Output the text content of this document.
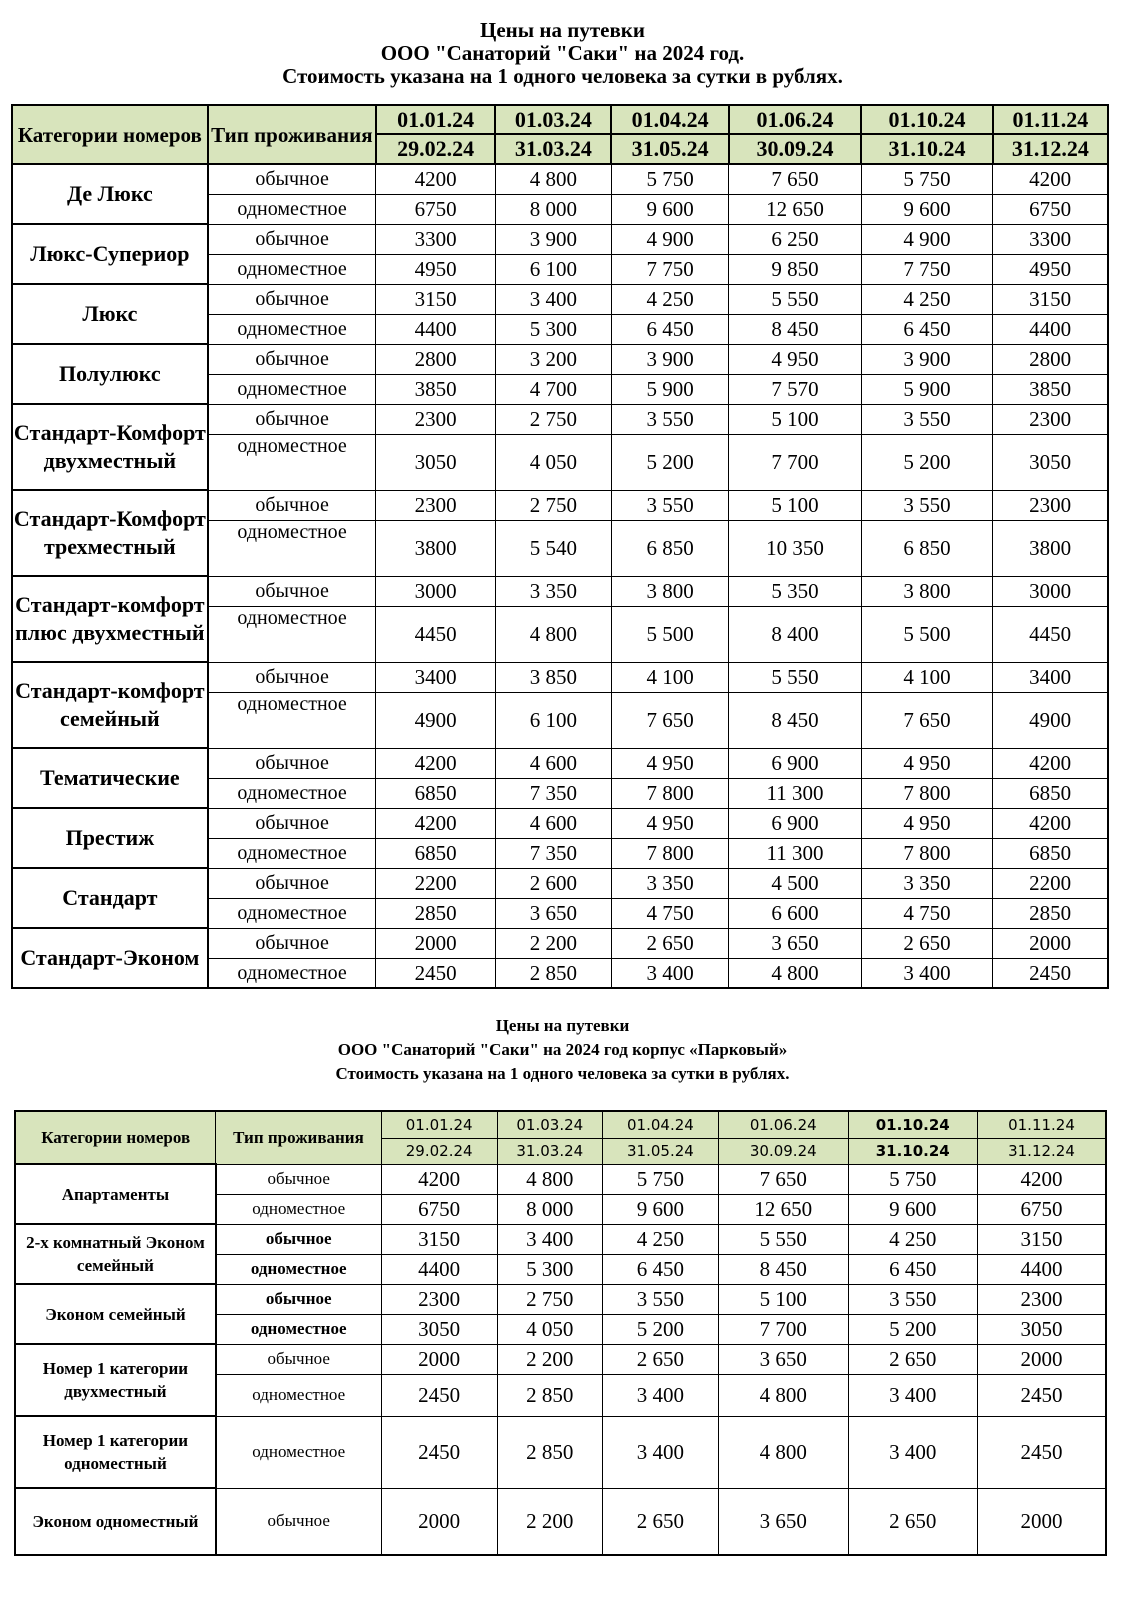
Цены на путевки
ООО "Санаторий "Саки" на 2024 год.
Стоимость указана на 1 одного человека за сутки в рублях.
Категории номеров	Тип проживания	01.01.24	01.03.24	01.04.24	01.06.24	01.10.24	01.11.24
		29.02.24	31.03.24	31.05.24	30.09.24	31.10.24	31.12.24
Де Люкс	обычное	4200	4 800	5 750	7 650	5 750	4200
	одноместное	6750	8 000	9 600	12 650	9 600	6750
Люкс-Супериор	обычное	3300	3 900	4 900	6 250	4 900	3300
	одноместное	4950	6 100	7 750	9 850	7 750	4950
Люкс	обычное	3150	3 400	4 250	5 550	4 250	3150
	одноместное	4400	5 300	6 450	8 450	6 450	4400
Полулюкс	обычное	2800	3 200	3 900	4 950	3 900	2800
	одноместное	3850	4 700	5 900	7 570	5 900	3850
Стандарт-Комфорт двухместный	обычное	2300	2 750	3 550	5 100	3 550	2300
	одноместное	3050	4 050	5 200	7 700	5 200	3050
Стандарт-Комфорт трехместный	обычное	2300	2 750	3 550	5 100	3 550	2300
	одноместное	3800	5 540	6 850	10 350	6 850	3800
Стандарт-комфорт плюс двухместный	обычное	3000	3 350	3 800	5 350	3 800	3000
	одноместное	4450	4 800	5 500	8 400	5 500	4450
Стандарт-комфорт семейный	обычное	3400	3 850	4 100	5 550	4 100	3400
	одноместное	4900	6 100	7 650	8 450	7 650	4900
Тематические	обычное	4200	4 600	4 950	6 900	4 950	4200
	одноместное	6850	7 350	7 800	11 300	7 800	6850
Престиж	обычное	4200	4 600	4 950	6 900	4 950	4200
	одноместное	6850	7 350	7 800	11 300	7 800	6850
Стандарт	обычное	2200	2 600	3 350	4 500	3 350	2200
	одноместное	2850	3 650	4 750	6 600	4 750	2850
Стандарт-Эконом	обычное	2000	2 200	2 650	3 650	2 650	2000
	одноместное	2450	2 850	3 400	4 800	3 400	2450
Цены на путевки
ООО "Санаторий "Саки" на 2024 год корпус «Парковый»
Стоимость указана на 1 одного человека за сутки в рублях.
Категории номеров	Тип проживания	01.01.24	01.03.24	01.04.24	01.06.24	01.10.24	01.11.24
		29.02.24	31.03.24	31.05.24	30.09.24	31.10.24	31.12.24
Апартаменты	обычное	4200	4 800	5 750	7 650	5 750	4200
	одноместное	6750	8 000	9 600	12 650	9 600	6750
2-х комнатный Эконом семейный	обычное	3150	3 400	4 250	5 550	4 250	3150
	одноместное	4400	5 300	6 450	8 450	6 450	4400
Эконом семейный	обычное	2300	2 750	3 550	5 100	3 550	2300
	одноместное	3050	4 050	5 200	7 700	5 200	3050
Номер 1 категории двухместный	обычное	2000	2 200	2 650	3 650	2 650	2000
	одноместное	2450	2 850	3 400	4 800	3 400	2450
Номер 1 категории одноместный	одноместное	2450	2 850	3 400	4 800	3 400	2450
Эконом одноместный	обычное	2000	2 200	2 650	3 650	2 650	2000
